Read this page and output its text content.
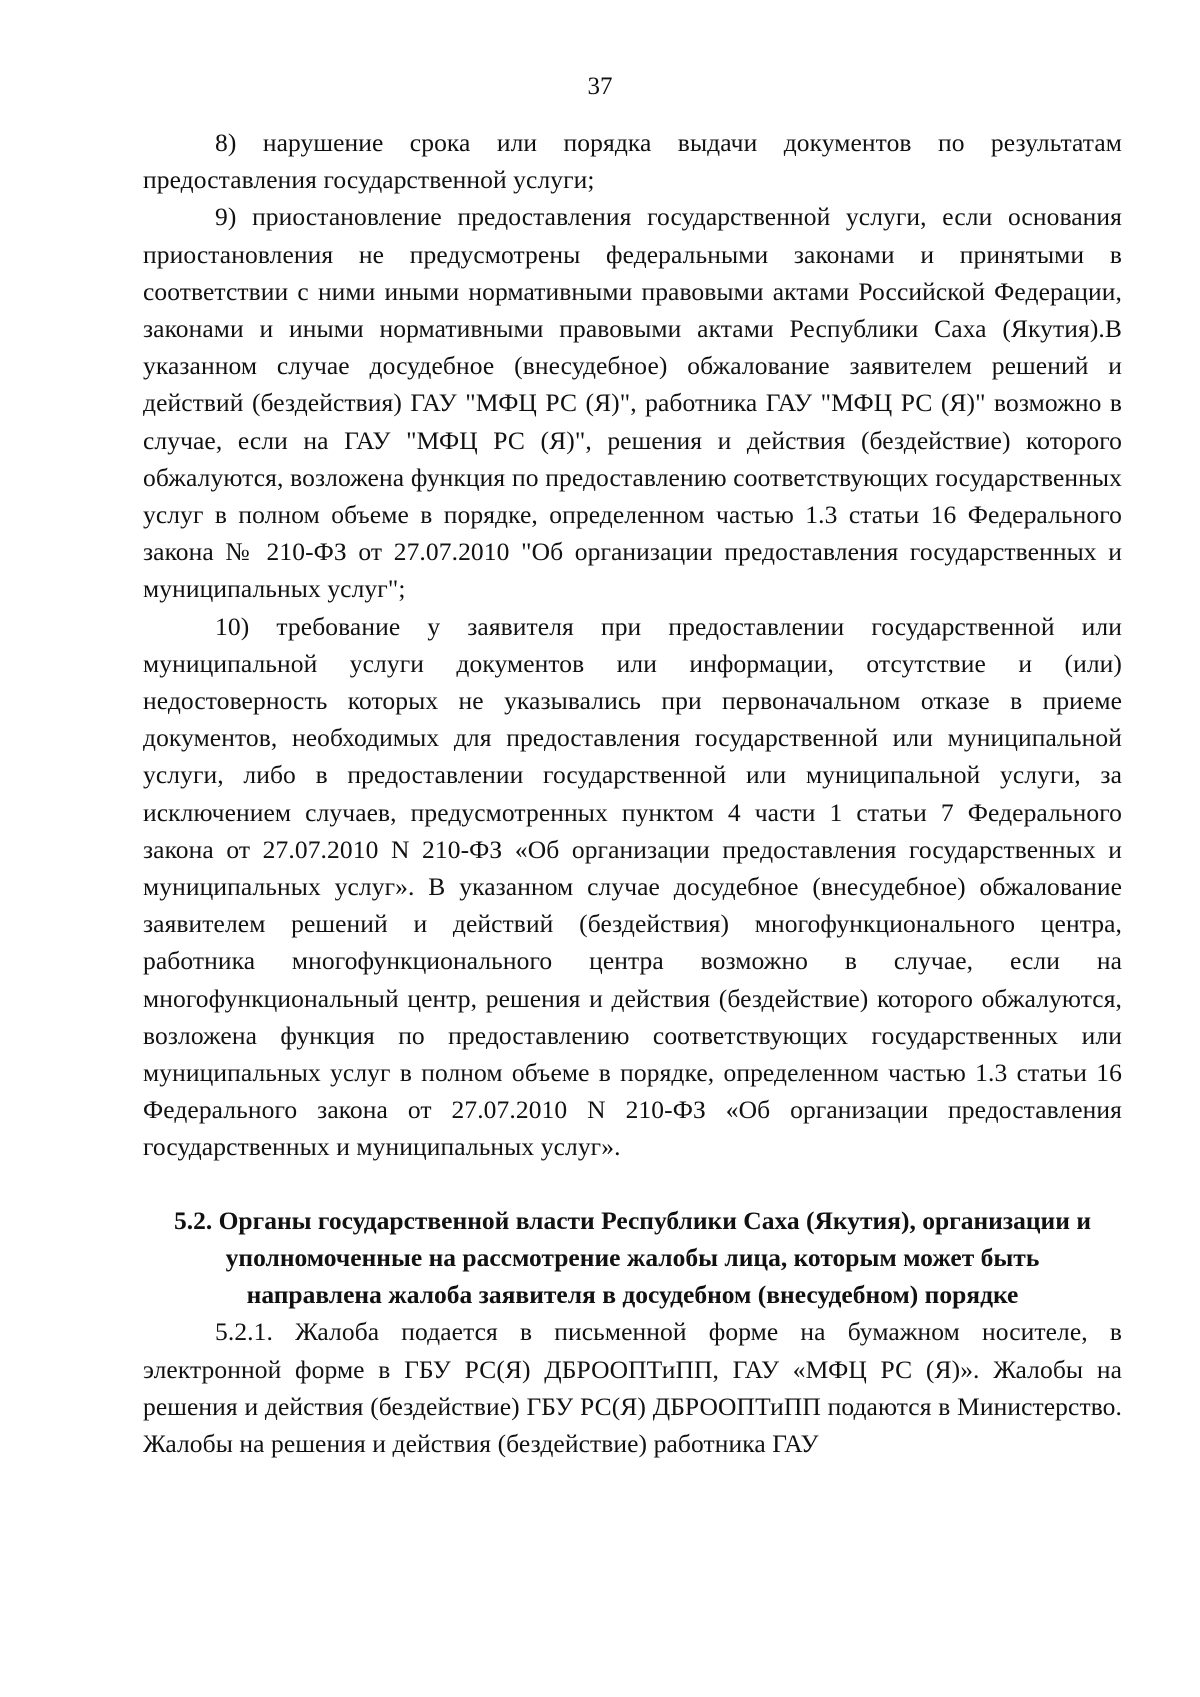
37

8) нарушение срока или порядка выдачи документов по результатам предоставления государственной услуги;

9) приостановление предоставления государственной услуги, если основания приостановления не предусмотрены федеральными законами и принятыми в соответствии с ними иными нормативными правовыми актами Российской Федерации, законами и иными нормативными правовыми актами Республики Саха (Якутия).В указанном случае досудебное (внесудебное) обжалование заявителем решений и действий (бездействия) ГАУ "МФЦ РС (Я)", работника ГАУ "МФЦ РС (Я)" возможно в случае, если на ГАУ "МФЦ РС (Я)", решения и действия (бездействие) которого обжалуются, возложена функция по предоставлению соответствующих государственных услуг в полном объеме в порядке, определенном частью 1.3 статьи 16 Федерального закона № 210-ФЗ от 27.07.2010 "Об организации предоставления государственных и муниципальных услуг";

10) требование у заявителя при предоставлении государственной или муниципальной услуги документов или информации, отсутствие и (или) недостоверность которых не указывались при первоначальном отказе в приеме документов, необходимых для предоставления государственной или муниципальной услуги, либо в предоставлении государственной или муниципальной услуги, за исключением случаев, предусмотренных пунктом 4 части 1 статьи 7 Федерального закона от 27.07.2010 N 210-ФЗ «Об организации предоставления государственных и муниципальных услуг». В указанном случае досудебное (внесудебное) обжалование заявителем решений и действий (бездействия) многофункционального центра, работника многофункционального центра возможно в случае, если на многофункциональный центр, решения и действия (бездействие) которого обжалуются, возложена функция по предоставлению соответствующих государственных или муниципальных услуг в полном объеме в порядке, определенном частью 1.3 статьи 16 Федерального закона от 27.07.2010 N 210-ФЗ «Об организации предоставления государственных и муниципальных услуг».

5.2. Органы государственной власти Республики Саха (Якутия), организации и уполномоченные на рассмотрение жалобы лица, которым может быть направлена жалоба заявителя в досудебном (внесудебном) порядке

5.2.1. Жалоба подается в письменной форме на бумажном носителе, в электронной форме в ГБУ РС(Я) ДБРООПТиПП, ГАУ «МФЦ РС (Я)». Жалобы на решения и действия (бездействие) ГБУ РС(Я) ДБРООПТиПП подаются в Министерство. Жалобы на решения и действия (бездействие) работника ГАУ
